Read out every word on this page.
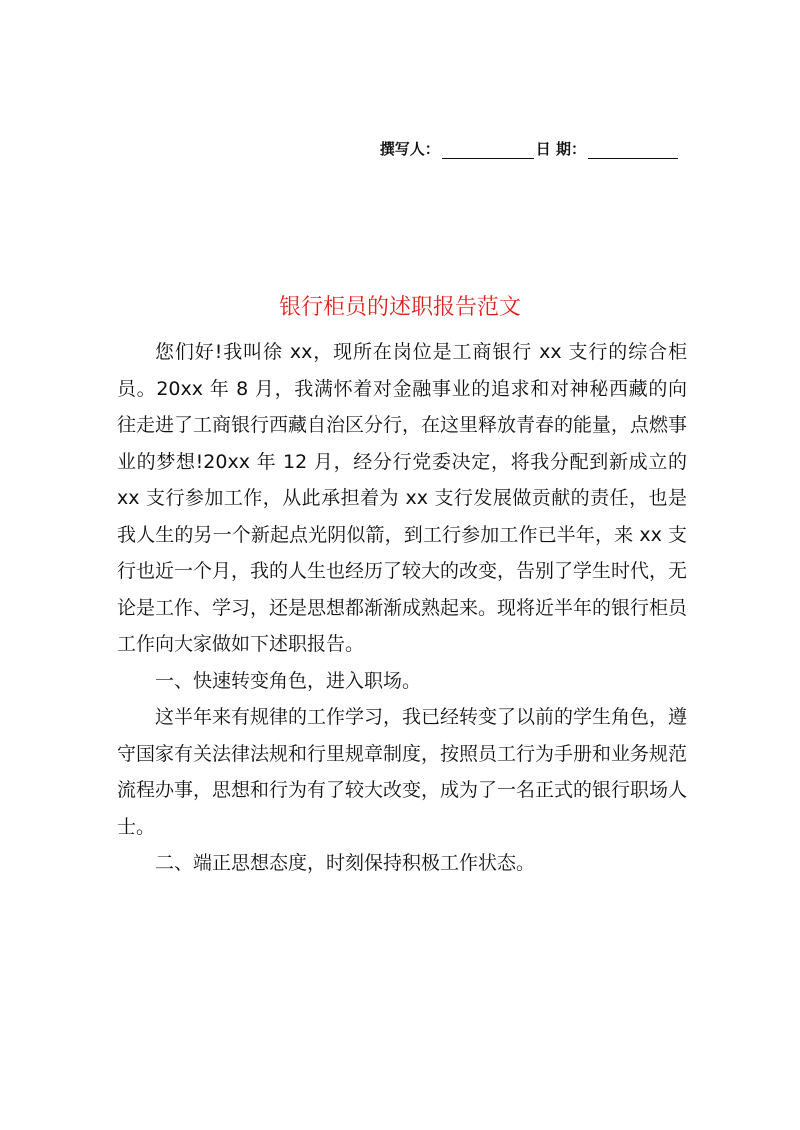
撰写人：	日 期：
银行柜员的述职报告范文

您们好!我叫徐 xx，现所在岗位是工商银行 xx 支行的综合柜员。20xx 年 8 月，我满怀着对金融事业的追求和对神秘西藏的向往走进了工商银行西藏自治区分行，在这里释放青春的能量，点燃事业的梦想!20xx 年 12 月，经分行党委决定，将我分配到新成立的 xx 支行参加工作，从此承担着为 xx 支行发展做贡献的责任，也是我人生的另一个新起点光阴似箭，到工行参加工作已半年，来 xx 支行也近一个月，我的人生也经历了较大的改变，告别了学生时代，无论是工作、学习，还是思想都渐渐成熟起来。现将近半年的银行柜员工作向大家做如下述职报告。

一、快速转变角色，进入职场。

这半年来有规律的工作学习，我已经转变了以前的学生角色，遵守国家有关法律法规和行里规章制度，按照员工行为手册和业务规范流程办事，思想和行为有了较大改变，成为了一名正式的银行职场人士。

二、端正思想态度，时刻保持积极工作状态。
